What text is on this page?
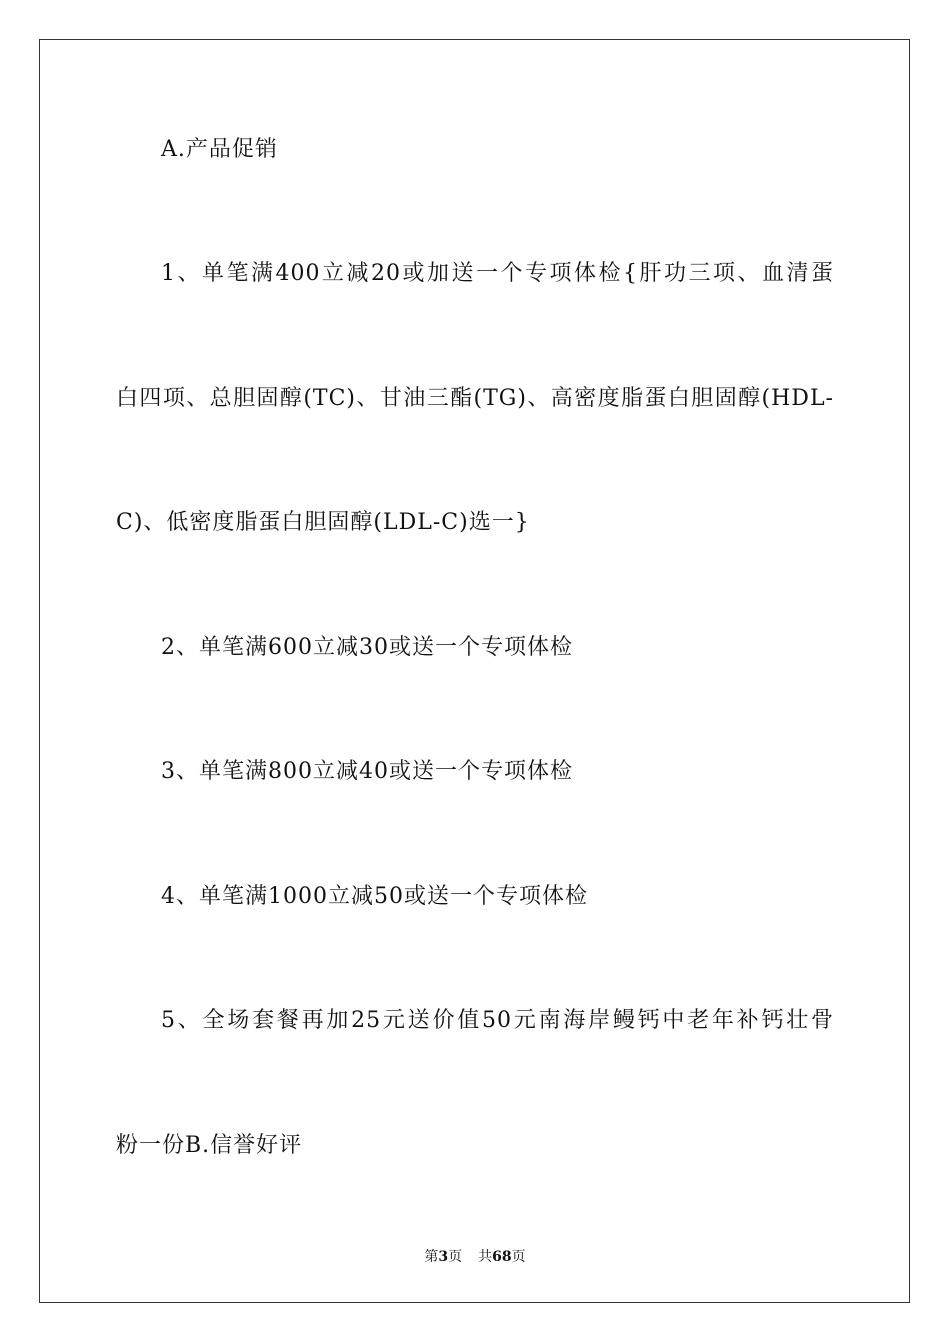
A.产品促销
1、单笔满400立减20或加送一个专项体检{肝功三项、血清蛋
白四项、总胆固醇(TC)、甘油三酯(TG)、高密度脂蛋白胆固醇(HDL-
C)、低密度脂蛋白胆固醇(LDL-C)选一}
2、单笔满600立减30或送一个专项体检
3、单笔满800立减40或送一个专项体检
4、单笔满1000立减50或送一个专项体检
5、全场套餐再加25元送价值50元南海岸鳗钙中老年补钙壮骨
粉一份B.信誉好评
第3页 共68页
